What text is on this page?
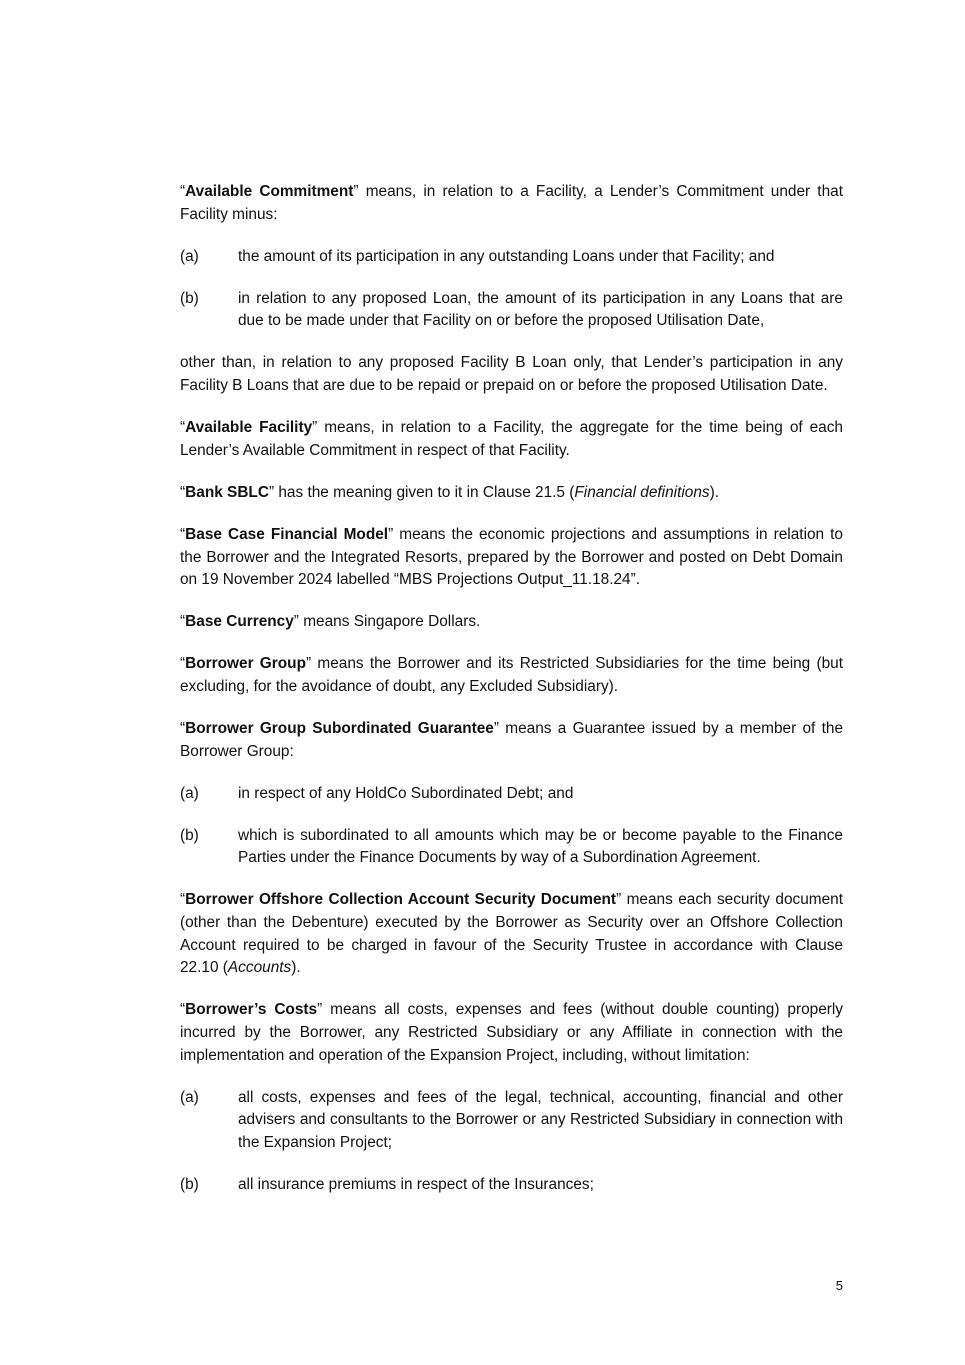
“Available Commitment” means, in relation to a Facility, a Lender’s Commitment under that Facility minus:

(a)	the amount of its participation in any outstanding Loans under that Facility; and
(b)	in relation to any proposed Loan, the amount of its participation in any Loans that are due to be made under that Facility on or before the proposed Utilisation Date,

other than, in relation to any proposed Facility B Loan only, that Lender’s participation in any Facility B Loans that are due to be repaid or prepaid on or before the proposed Utilisation Date.

“Available Facility” means, in relation to a Facility, the aggregate for the time being of each Lender’s Available Commitment in respect of that Facility.

“Bank SBLC” has the meaning given to it in Clause 21.5 (Financial definitions).

“Base Case Financial Model” means the economic projections and assumptions in relation to the Borrower and the Integrated Resorts, prepared by the Borrower and posted on Debt Domain on 19 November 2024 labelled “MBS Projections Output_11.18.24”.

“Base Currency” means Singapore Dollars.

“Borrower Group” means the Borrower and its Restricted Subsidiaries for the time being (but excluding, for the avoidance of doubt, any Excluded Subsidiary).

“Borrower Group Subordinated Guarantee” means a Guarantee issued by a member of the Borrower Group:

(a)	in respect of any HoldCo Subordinated Debt; and
(b)	which is subordinated to all amounts which may be or become payable to the Finance Parties under the Finance Documents by way of a Subordination Agreement.

“Borrower Offshore Collection Account Security Document” means each security document (other than the Debenture) executed by the Borrower as Security over an Offshore Collection Account required to be charged in favour of the Security Trustee in accordance with Clause 22.10 (Accounts).

“Borrower’s Costs” means all costs, expenses and fees (without double counting) properly incurred by the Borrower, any Restricted Subsidiary or any Affiliate in connection with the implementation and operation of the Expansion Project, including, without limitation:

(a)	all costs, expenses and fees of the legal, technical, accounting, financial and other advisers and consultants to the Borrower or any Restricted Subsidiary in connection with the Expansion Project;
(b)	all insurance premiums in respect of the Insurances;
5
